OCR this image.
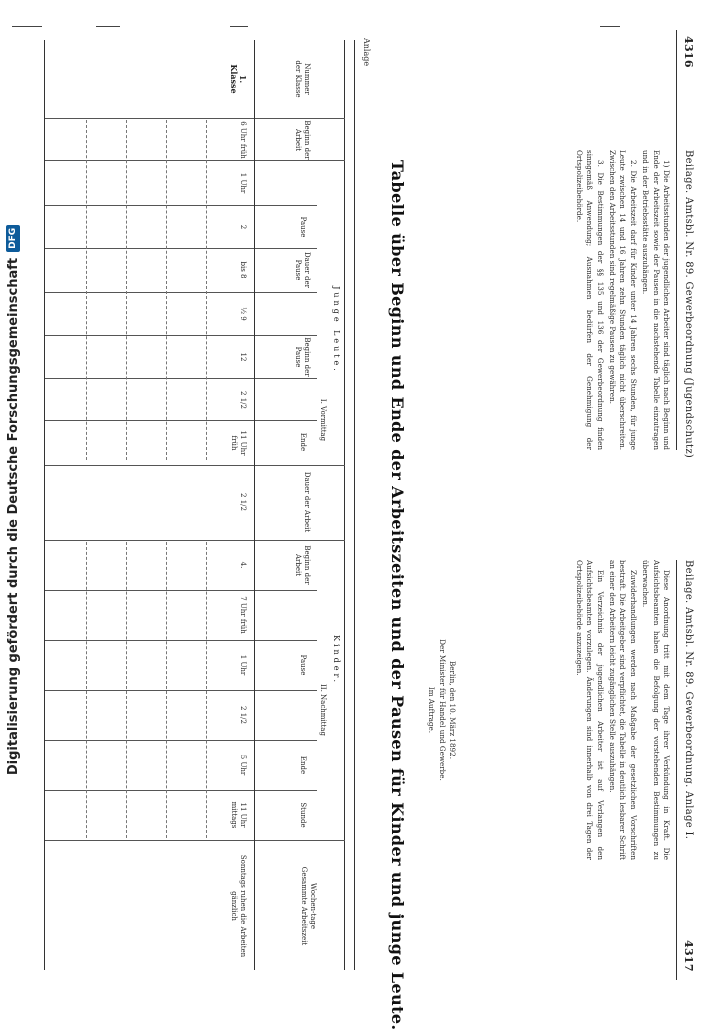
Digitalisierung gefördert durch die Deutsche Forschungsgemeinschaft
DFG
4316
Beilage. Amtsbl. Nr. 89. Gewerbeordnung (Jugendschutz)

1) Die Arbeitsstunden der jugendlichen Arbeiter sind täglich nach Beginn und Ende der Arbeitszeit sowie der Pausen in die nachstehende Tabelle einzutragen und in der Betriebsstätte auszuhängen.

2. Die Arbeitszeit darf für Kinder unter 14 Jahren sechs Stunden, für junge Leute zwischen 14 und 16 Jahren zehn Stunden täglich nicht überschreiten. Zwischen den Arbeitsstunden sind regelmäßige Pausen zu gewähren.

3. Die Bestimmungen der §§ 135 und 136 der Gewerbeordnung finden sinngemäß Anwendung; Ausnahmen bedürfen der Genehmigung der Ortspolizeibehörde.

Beilage. Amtsbl. Nr. 89. Gewerbeordnung. Anlage I.
4317

Diese Anordnung tritt mit dem Tage ihrer Verkündung in Kraft. Die Aufsichtsbeamten haben die Befolgung der vorstehenden Bestimmungen zu überwachen.

Zuwiderhandlungen werden nach Maßgabe der gesetzlichen Vorschriften bestraft. Die Arbeitgeber sind verpflichtet, die Tabelle in deutlich lesbarer Schrift an einer den Arbeitern leicht zugänglichen Stelle auszuhängen.

Ein Verzeichnis der jugendlichen Arbeiter ist auf Verlangen den Aufsichtsbeamten vorzulegen. Änderungen sind innerhalb von drei Tagen der Ortspolizeibehörde anzuzeigen.

Berlin, den 10. März 1892.
Der Minister für Handel und Gewerbe.
Im Auftrage.
Tabelle über Beginn und Ende der Arbeitszeiten und der Pausen für Kinder und junge Leute.
Anlage
Junge Leute.
Kinder.
I. Vormittag
II. Nachmittag
Nummer
der Klasse
Beginn der Arbeit
Pause
Dauer der Pause
Beginn der Pause
Ende
Dauer der Arbeit
Beginn der Arbeit
Pause
Ende
Stunde
Wochen-tage
Gesammte Arbeitszeit
1.
Klasse
6 Uhr früh
1 Uhr
2
bis 8
½ 9
12
2 1/2
11 Uhr früh
2 1/2
4.
7 Uhr früh
1 Uhr
2 1/2
5 Uhr
11 Uhr mittags
Sonntags ruhen die Arbeiten gänzlich
